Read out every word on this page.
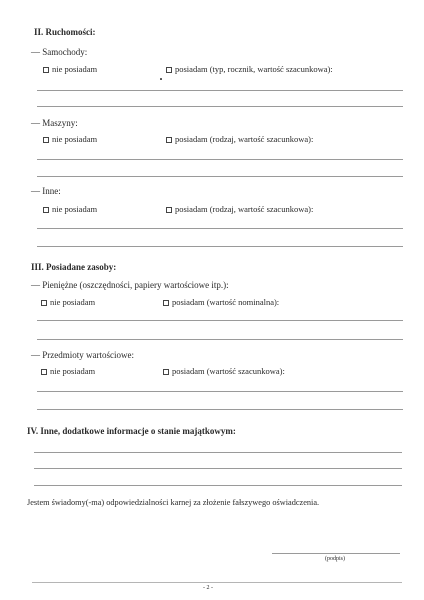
II. Ruchomości:
— Samochody:
nie posiadam	posiadam (typ, rocznik, wartość szacunkowa):
— Maszyny:
nie posiadam	posiadam (rodzaj, wartość szacunkowa):
— Inne:
nie posiadam	posiadam (rodzaj, wartość szacunkowa):
III. Posiadane zasoby:
— Pieniężne (oszczędności, papiery wartościowe itp.):
nie posiadam	posiadam (wartość nominalna):
— Przedmioty wartościowe:
nie posiadam	posiadam (wartość szacunkowa):
IV. Inne, dodatkowe informacje o stanie majątkowym:
Jestem świadomy(-ma) odpowiedzialności karnej za złożenie fałszywego oświadczenia.
(podpis)
- 2 -
